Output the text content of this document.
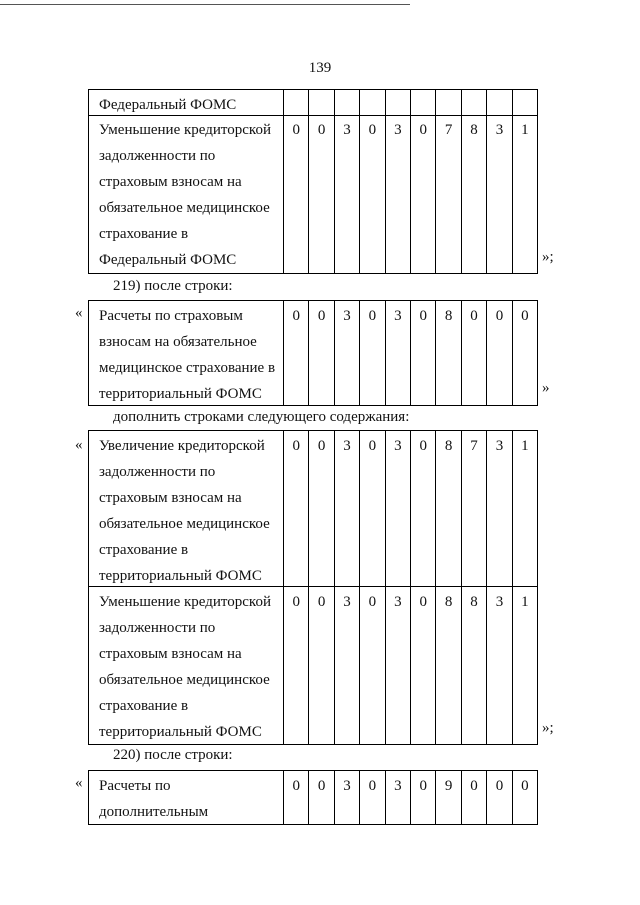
139
Федеральный ФОМС
Уменьшение кредиторской
задолженности по
страховым взносам на
обязательное медицинское
страхование в
Федеральный ФОМС
0	0	3	0	3	0	7	8	3	1
»;
219) после строки:
« Расчеты по страховым
взносам на обязательное
медицинское страхование в
территориальный ФОМС
0	0	3	0	3	0	8	0	0	0
»
дополнить строками следующего содержания:
« Увеличение кредиторской
задолженности по
страховым взносам на
обязательное медицинское
страхование в
территориальный ФОМС
0	0	3	0	3	0	8	7	3	1
Уменьшение кредиторской
задолженности по
страховым взносам на
обязательное медицинское
страхование в
территориальный ФОМС
0	0	3	0	3	0	8	8	3	1
»;
220) после строки:
« Расчеты по
дополнительным
0	0	3	0	3	0	9	0	0	0
